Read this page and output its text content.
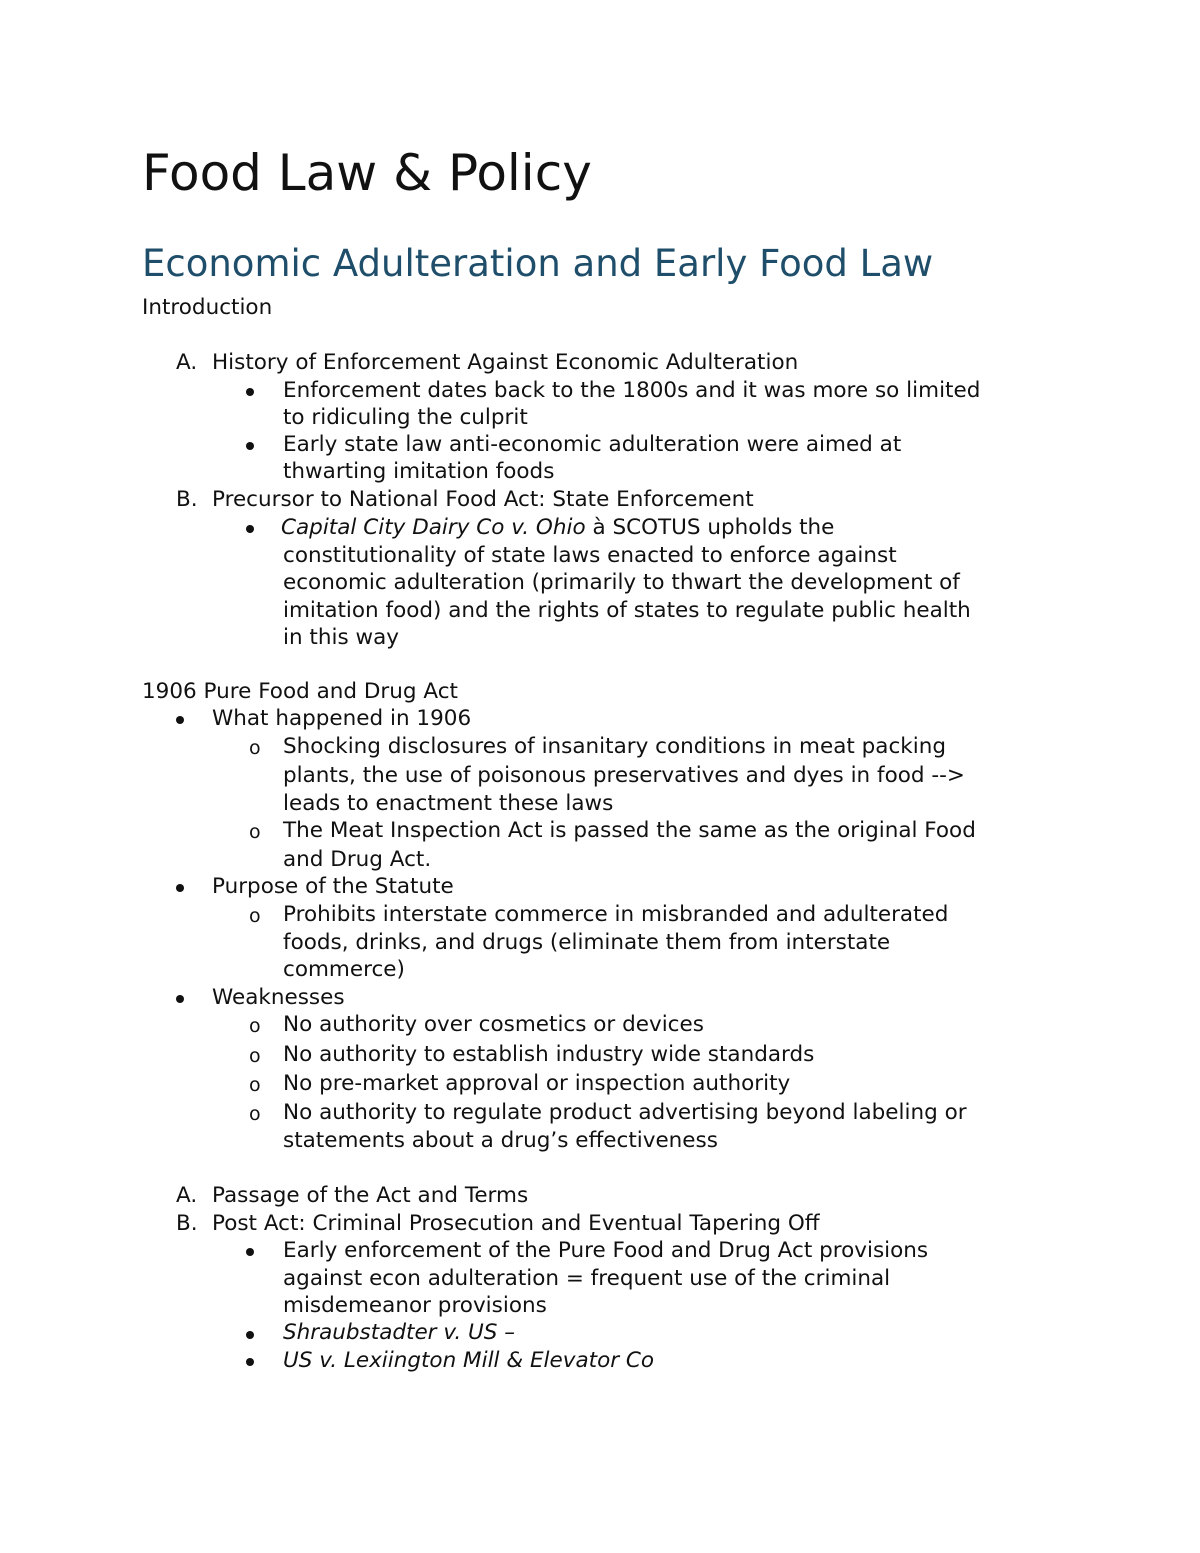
Food Law & Policy
Economic Adulteration and Early Food Law
Introduction
A. History of Enforcement Against Economic Adulteration
Enforcement dates back to the 1800s and it was more so limited
to ridiculing the culprit
Early state law anti-economic adulteration were aimed at
thwarting imitation foods
B. Precursor to National Food Act: State Enforcement
Capital City Dairy Co v. Ohio à SCOTUS upholds the
constitutionality of state laws enacted to enforce against
economic adulteration (primarily to thwart the development of
imitation food) and the rights of states to regulate public health
in this way
1906 Pure Food and Drug Act
What happened in 1906
o Shocking disclosures of insanitary conditions in meat packing
plants, the use of poisonous preservatives and dyes in food -->
leads to enactment these laws
o The Meat Inspection Act is passed the same as the original Food
and Drug Act.
Purpose of the Statute
o Prohibits interstate commerce in misbranded and adulterated
foods, drinks, and drugs (eliminate them from interstate
commerce)
Weaknesses
o No authority over cosmetics or devices
o No authority to establish industry wide standards
o No pre-market approval or inspection authority
o No authority to regulate product advertising beyond labeling or
statements about a drug’s effectiveness
A. Passage of the Act and Terms
B. Post Act: Criminal Prosecution and Eventual Tapering Off
Early enforcement of the Pure Food and Drug Act provisions
against econ adulteration = frequent use of the criminal
misdemeanor provisions
Shraubstadter v. US –
US v. Lexiington Mill & Elevator Co
